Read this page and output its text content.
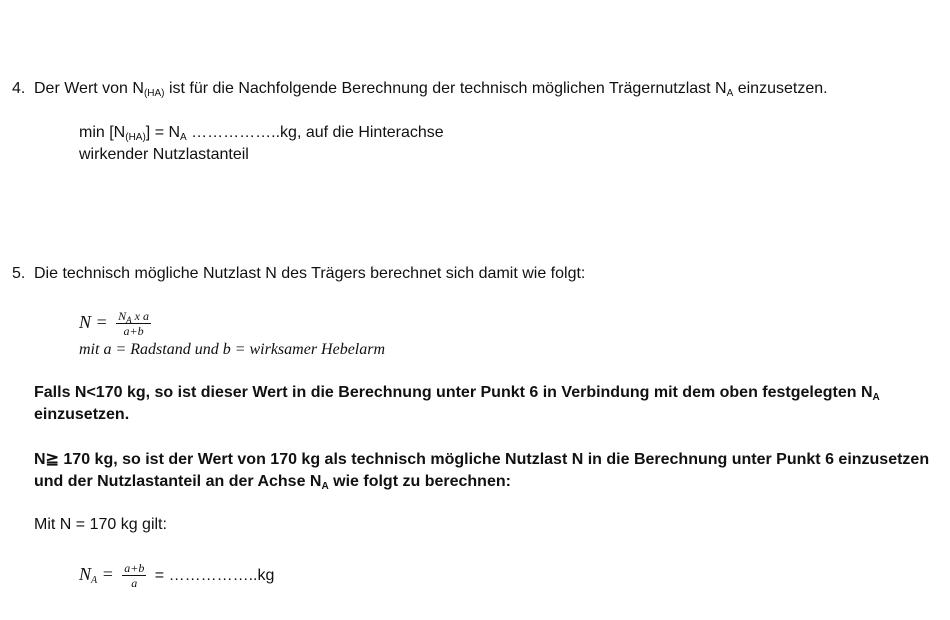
4. Der Wert von $N_{(HA)}$ ist für die Nachfolgende Berechnung der technisch möglichen Trägernutzlast $N_A$ einzusetzen.
$\min [N_{(HA)}] = N_A$ ……………..kg, auf die Hinterachse
wirkender Nutzlastanteil
5. Die technisch mögliche Nutzlast N des Trägers berechnet sich damit wie folgt:
$N = \frac{N_A x a}{a+b}$
mit a = Radstand und b = wirksamer Hebelarm
Falls N<170 kg, so ist dieser Wert in die Berechnung unter Punkt 6 in Verbindung mit dem oben festgelegten $N_A$
einzusetzen.
N≧ 170 kg, so ist der Wert von 170 kg als technisch mögliche Nutzlast N in die Berechnung unter Punkt 6 einzusetzen
und der Nutzlastanteil an der Achse $N_A$ wie folgt zu berechnen:
Mit N = 170 kg gilt:
$N_A = \frac{a+b}{a}$ = ……………..kg
